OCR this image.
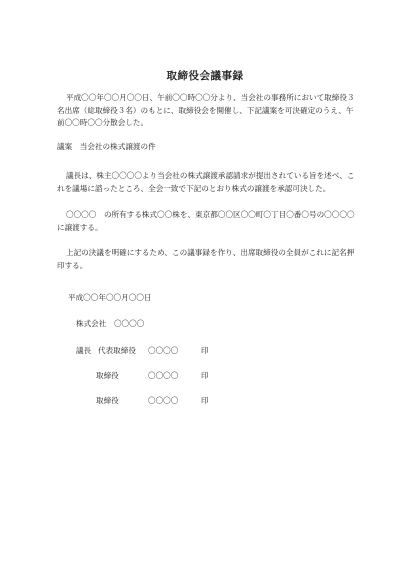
取締役会議事録
平成〇〇年〇〇月〇〇日、午前〇〇時〇〇分より、当会社の事務所において取締役３名出席（総取締役３名）のもとに、取締役会を開催し、下記議案を可決確定のうえ、午前〇〇時〇〇分散会した。
議案　当会社の株式譲渡の件
議長は、株主〇〇〇〇より当会社の株式譲渡承認請求が提出されている旨を述べ、これを議場に諮ったところ、全会一致で下記のとおり株式の譲渡を承認可決した。
〇〇〇〇　の所有する株式〇〇株を、東京都〇〇区〇〇町〇丁目〇番〇号の〇〇〇〇に譲渡する。
上記の決議を明確にするため、この議事録を作り、出席取締役の全員がこれに記名押印する。
平成〇〇年〇〇月〇〇日
株式会社　〇〇〇〇
議長 代表取締役 〇〇〇〇	印
取締役	〇〇〇〇	印
取締役	〇〇〇〇	印
